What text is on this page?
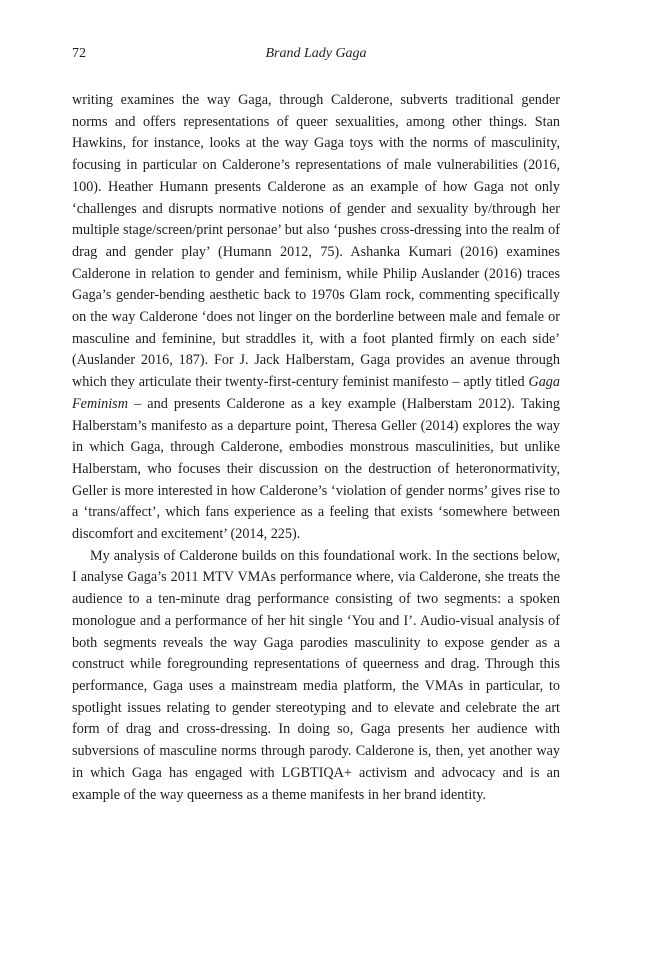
72	Brand Lady Gaga

writing examines the way Gaga, through Calderone, subverts traditional gender norms and offers representations of queer sexualities, among other things. Stan Hawkins, for instance, looks at the way Gaga toys with the norms of masculinity, focusing in particular on Calderone’s representations of male vulnerabilities (2016, 100). Heather Humann presents Calderone as an example of how Gaga not only ‘challenges and disrupts normative notions of gender and sexuality by/through her multiple stage/screen/print personae’ but also ‘pushes cross-dressing into the realm of drag and gender play’ (Humann 2012, 75). Ashanka Kumari (2016) examines Calderone in relation to gender and feminism, while Philip Auslander (2016) traces Gaga’s gender-bending aesthetic back to 1970s Glam rock, commenting specifically on the way Calderone ‘does not linger on the borderline between male and female or masculine and feminine, but straddles it, with a foot planted firmly on each side’ (Auslander 2016, 187). For J. Jack Halberstam, Gaga provides an avenue through which they articulate their twenty-first-century feminist manifesto – aptly titled Gaga Feminism – and presents Calderone as a key example (Halberstam 2012). Taking Halberstam’s manifesto as a departure point, Theresa Geller (2014) explores the way in which Gaga, through Calderone, embodies monstrous masculinities, but unlike Halberstam, who focuses their discussion on the destruction of heteronormativity, Geller is more interested in how Calderone’s ‘violation of gender norms’ gives rise to a ‘trans/affect’, which fans experience as a feeling that exists ‘somewhere between discomfort and excitement’ (2014, 225).

My analysis of Calderone builds on this foundational work. In the sections below, I analyse Gaga’s 2011 MTV VMAs performance where, via Calderone, she treats the audience to a ten-minute drag performance consisting of two segments: a spoken monologue and a performance of her hit single ‘You and I’. Audio-visual analysis of both segments reveals the way Gaga parodies masculinity to expose gender as a construct while foregrounding representations of queerness and drag. Through this performance, Gaga uses a mainstream media platform, the VMAs in particular, to spotlight issues relating to gender stereotyping and to elevate and celebrate the art form of drag and cross-dressing. In doing so, Gaga presents her audience with subversions of masculine norms through parody. Calderone is, then, yet another way in which Gaga has engaged with LGBTIQA+ activism and advocacy and is an example of the way queerness as a theme manifests in her brand identity.
